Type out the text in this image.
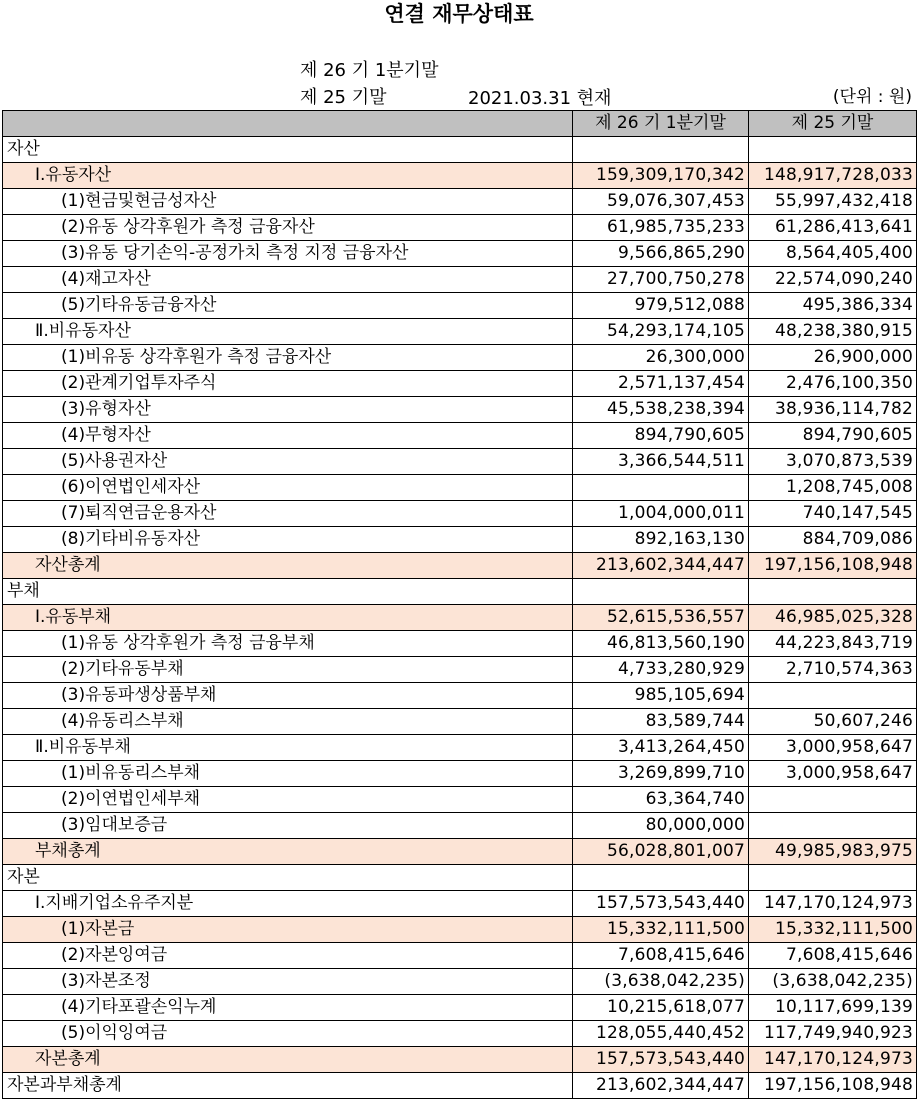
연결 재무상태표

제 26 기 1분기말

2021.03.31 현재

제 25 기말

	(단위 : 원)
	제 26 기 1분기말	제 25 기말
자산		
Ⅰ.유동자산	159,309,170,342	148,917,728,033
(1)현금및현금성자산	59,076,307,453	55,997,432,418
(2)유동 상각후원가 측정 금융자산	61,985,735,233	61,286,413,641
(3)유동 당기손익-공정가치 측정 지정 금융자산	9,566,865,290	8,564,405,400
(4)재고자산	27,700,750,278	22,574,090,240
(5)기타유동금융자산	979,512,088	495,386,334
Ⅱ.비유동자산	54,293,174,105	48,238,380,915
(1)비유동 상각후원가 측정 금융자산	26,300,000	26,900,000
(2)관계기업투자주식	2,571,137,454	2,476,100,350
(3)유형자산	45,538,238,394	38,936,114,782
(4)무형자산	894,790,605	894,790,605
(5)사용권자산	3,366,544,511	3,070,873,539
(6)이연법인세자산		1,208,745,008
(7)퇴직연금운용자산	1,004,000,011	740,147,545
(8)기타비유동자산	892,163,130	884,709,086
자산총계	213,602,344,447	197,156,108,948
부채		
Ⅰ.유동부채	52,615,536,557	46,985,025,328
(1)유동 상각후원가 측정 금융부채	46,813,560,190	44,223,843,719
(2)기타유동부채	4,733,280,929	2,710,574,363
(3)유동파생상품부채	985,105,694	
(4)유동리스부채	83,589,744	50,607,246
Ⅱ.비유동부채	3,413,264,450	3,000,958,647
(1)비유동리스부채	3,269,899,710	3,000,958,647
(2)이연법인세부채	63,364,740	
(3)임대보증금	80,000,000	
부채총계	56,028,801,007	49,985,983,975
자본		
Ⅰ.지배기업소유주지분	157,573,543,440	147,170,124,973
(1)자본금	15,332,111,500	15,332,111,500
(2)자본잉여금	7,608,415,646	7,608,415,646
(3)자본조정	(3,638,042,235)	(3,638,042,235)
(4)기타포괄손익누계	10,215,618,077	10,117,699,139
(5)이익잉여금	128,055,440,452	117,749,940,923
자본총계	157,573,543,440	147,170,124,973
자본과부채총계	213,602,344,447	197,156,108,948
